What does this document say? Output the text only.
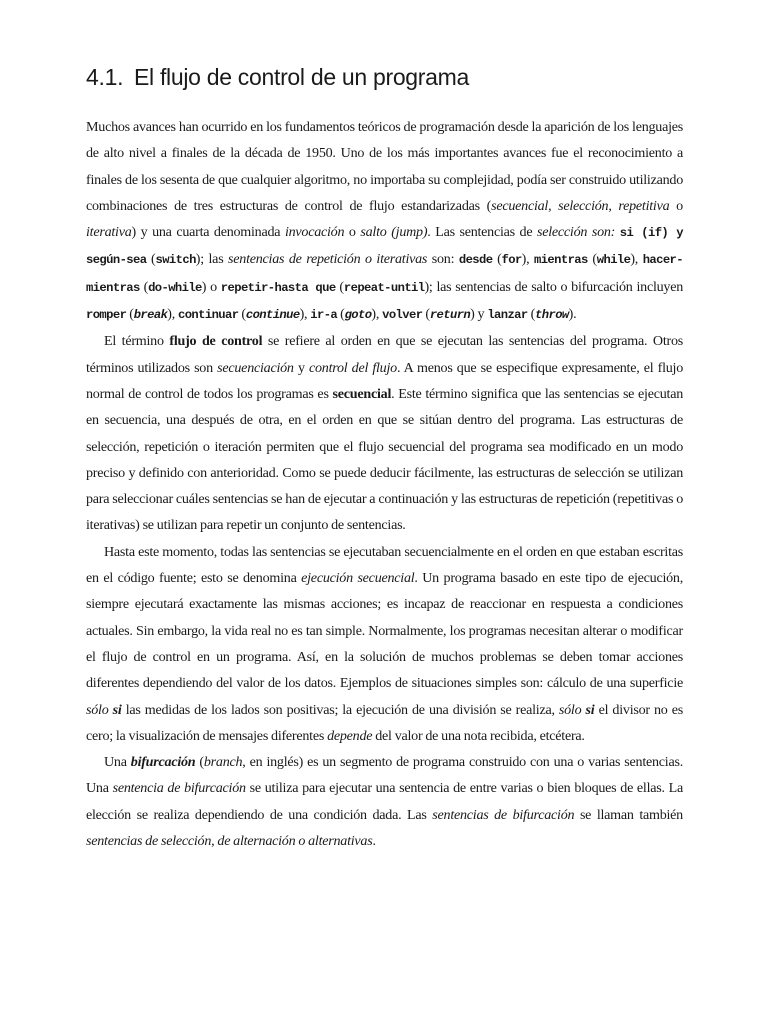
4.1. El flujo de control de un programa

Muchos avances han ocurrido en los fundamentos teóricos de programación desde la aparición de los lenguajes de alto nivel a finales de la década de 1950. Uno de los más importantes avances fue el reconocimiento a finales de los sesenta de que cualquier algoritmo, no importaba su complejidad, podía ser construido utilizando combinaciones de tres estructuras de control de flujo estandarizadas (secuencial, selección, repetitiva o iterativa) y una cuarta denominada invocación o salto (jump). Las sentencias de selección son: si (if) y según-sea (switch); las sentencias de repetición o iterativas son: desde (for), mientras (while), hacer-mientras (do-while) o repetir-hasta que (repeat-until); las sentencias de salto o bifurcación incluyen romper (break), continuar (continue), ir-a (goto), volver (return) y lanzar (throw).

El término flujo de control se refiere al orden en que se ejecutan las sentencias del programa. Otros términos utilizados son secuenciación y control del flujo. A menos que se especifique expresamente, el flujo normal de control de todos los programas es secuencial. Este término significa que las sentencias se ejecutan en secuencia, una después de otra, en el orden en que se sitúan dentro del programa. Las estructuras de selección, repetición o iteración permiten que el flujo secuencial del programa sea modificado en un modo preciso y definido con anterioridad. Como se puede deducir fácilmente, las estructuras de selección se utilizan para seleccionar cuáles sentencias se han de ejecutar a continuación y las estructuras de repetición (repetitivas o iterativas) se utilizan para repetir un conjunto de sentencias.

Hasta este momento, todas las sentencias se ejecutaban secuencialmente en el orden en que estaban escritas en el código fuente; esto se denomina ejecución secuencial. Un programa basado en este tipo de ejecución, siempre ejecutará exactamente las mismas acciones; es incapaz de reaccionar en respuesta a condiciones actuales. Sin embargo, la vida real no es tan simple. Normalmente, los programas necesitan alterar o modificar el flujo de control en un programa. Así, en la solución de muchos problemas se deben tomar acciones diferentes dependiendo del valor de los datos. Ejemplos de situaciones simples son: cálculo de una superficie sólo si las medidas de los lados son positivas; la ejecución de una división se realiza, sólo si el divisor no es cero; la visualización de mensajes diferentes depende del valor de una nota recibida, etcétera.

Una bifurcación (branch, en inglés) es un segmento de programa construido con una o varias sentencias. Una sentencia de bifurcación se utiliza para ejecutar una sentencia de entre varias o bien bloques de ellas. La elección se realiza dependiendo de una condición dada. Las sentencias de bifurcación se llaman también sentencias de selección, de alternación o alternativas.
